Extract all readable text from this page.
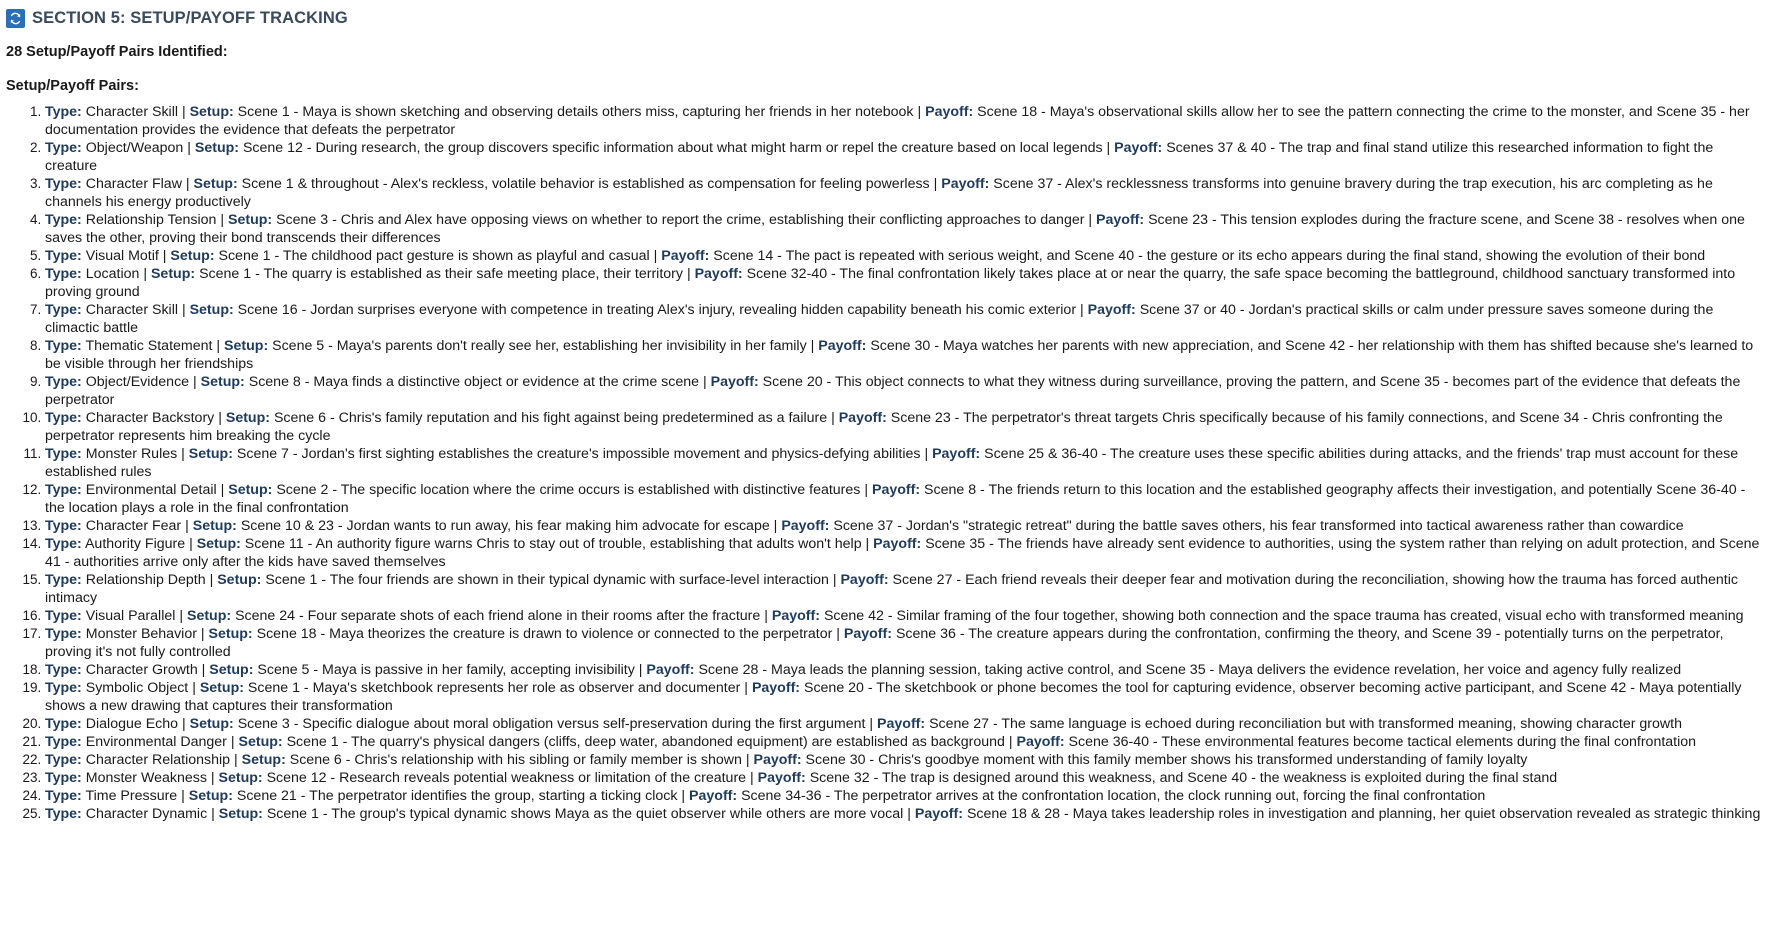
SECTION 5: SETUP/PAYOFF TRACKING
28 Setup/Payoff Pairs Identified:
Setup/Payoff Pairs:
1. Type: Character Skill | Setup: Scene 1 - Maya is shown sketching and observing details others miss, capturing her friends in her notebook | Payoff: Scene 18 - Maya's observational skills allow her to see the pattern connecting the crime to the monster, and Scene 35 - her documentation provides the evidence that defeats the perpetrator
2. Type: Object/Weapon | Setup: Scene 12 - During research, the group discovers specific information about what might harm or repel the creature based on local legends | Payoff: Scenes 37 & 40 - The trap and final stand utilize this researched information to fight the creature
3. Type: Character Flaw | Setup: Scene 1 & throughout - Alex's reckless, volatile behavior is established as compensation for feeling powerless | Payoff: Scene 37 - Alex's recklessness transforms into genuine bravery during the trap execution, his arc completing as he channels his energy productively
4. Type: Relationship Tension | Setup: Scene 3 - Chris and Alex have opposing views on whether to report the crime, establishing their conflicting approaches to danger | Payoff: Scene 23 - This tension explodes during the fracture scene, and Scene 38 - resolves when one saves the other, proving their bond transcends their differences
5. Type: Visual Motif | Setup: Scene 1 - The childhood pact gesture is shown as playful and casual | Payoff: Scene 14 - The pact is repeated with serious weight, and Scene 40 - the gesture or its echo appears during the final stand, showing the evolution of their bond
6. Type: Location | Setup: Scene 1 - The quarry is established as their safe meeting place, their territory | Payoff: Scene 32-40 - The final confrontation likely takes place at or near the quarry, the safe space becoming the battleground, childhood sanctuary transformed into proving ground
7. Type: Character Skill | Setup: Scene 16 - Jordan surprises everyone with competence in treating Alex's injury, revealing hidden capability beneath his comic exterior | Payoff: Scene 37 or 40 - Jordan's practical skills or calm under pressure saves someone during the climactic battle
8. Type: Thematic Statement | Setup: Scene 5 - Maya's parents don't really see her, establishing her invisibility in her family | Payoff: Scene 30 - Maya watches her parents with new appreciation, and Scene 42 - her relationship with them has shifted because she's learned to be visible through her friendships
9. Type: Object/Evidence | Setup: Scene 8 - Maya finds a distinctive object or evidence at the crime scene | Payoff: Scene 20 - This object connects to what they witness during surveillance, proving the pattern, and Scene 35 - becomes part of the evidence that defeats the perpetrator
10. Type: Character Backstory | Setup: Scene 6 - Chris's family reputation and his fight against being predetermined as a failure | Payoff: Scene 23 - The perpetrator's threat targets Chris specifically because of his family connections, and Scene 34 - Chris confronting the perpetrator represents him breaking the cycle
11. Type: Monster Rules | Setup: Scene 7 - Jordan's first sighting establishes the creature's impossible movement and physics-defying abilities | Payoff: Scene 25 & 36-40 - The creature uses these specific abilities during attacks, and the friends' trap must account for these established rules
12. Type: Environmental Detail | Setup: Scene 2 - The specific location where the crime occurs is established with distinctive features | Payoff: Scene 8 - The friends return to this location and the established geography affects their investigation, and potentially Scene 36-40 - the location plays a role in the final confrontation
13. Type: Character Fear | Setup: Scene 10 & 23 - Jordan wants to run away, his fear making him advocate for escape | Payoff: Scene 37 - Jordan's "strategic retreat" during the battle saves others, his fear transformed into tactical awareness rather than cowardice
14. Type: Authority Figure | Setup: Scene 11 - An authority figure warns Chris to stay out of trouble, establishing that adults won't help | Payoff: Scene 35 - The friends have already sent evidence to authorities, using the system rather than relying on adult protection, and Scene 41 - authorities arrive only after the kids have saved themselves
15. Type: Relationship Depth | Setup: Scene 1 - The four friends are shown in their typical dynamic with surface-level interaction | Payoff: Scene 27 - Each friend reveals their deeper fear and motivation during the reconciliation, showing how the trauma has forced authentic intimacy
16. Type: Visual Parallel | Setup: Scene 24 - Four separate shots of each friend alone in their rooms after the fracture | Payoff: Scene 42 - Similar framing of the four together, showing both connection and the space trauma has created, visual echo with transformed meaning
17. Type: Monster Behavior | Setup: Scene 18 - Maya theorizes the creature is drawn to violence or connected to the perpetrator | Payoff: Scene 36 - The creature appears during the confrontation, confirming the theory, and Scene 39 - potentially turns on the perpetrator, proving it's not fully controlled
18. Type: Character Growth | Setup: Scene 5 - Maya is passive in her family, accepting invisibility | Payoff: Scene 28 - Maya leads the planning session, taking active control, and Scene 35 - Maya delivers the evidence revelation, her voice and agency fully realized
19. Type: Symbolic Object | Setup: Scene 1 - Maya's sketchbook represents her role as observer and documenter | Payoff: Scene 20 - The sketchbook or phone becomes the tool for capturing evidence, observer becoming active participant, and Scene 42 - Maya potentially shows a new drawing that captures their transformation
20. Type: Dialogue Echo | Setup: Scene 3 - Specific dialogue about moral obligation versus self-preservation during the first argument | Payoff: Scene 27 - The same language is echoed during reconciliation but with transformed meaning, showing character growth
21. Type: Environmental Danger | Setup: Scene 1 - The quarry's physical dangers (cliffs, deep water, abandoned equipment) are established as background | Payoff: Scene 36-40 - These environmental features become tactical elements during the final confrontation
22. Type: Character Relationship | Setup: Scene 6 - Chris's relationship with his sibling or family member is shown | Payoff: Scene 30 - Chris's goodbye moment with this family member shows his transformed understanding of family loyalty
23. Type: Monster Weakness | Setup: Scene 12 - Research reveals potential weakness or limitation of the creature | Payoff: Scene 32 - The trap is designed around this weakness, and Scene 40 - the weakness is exploited during the final stand
24. Type: Time Pressure | Setup: Scene 21 - The perpetrator identifies the group, starting a ticking clock | Payoff: Scene 34-36 - The perpetrator arrives at the confrontation location, the clock running out, forcing the final confrontation
25. Type: Character Dynamic | Setup: Scene 1 - The group's typical dynamic shows Maya as the quiet observer while others are more vocal | Payoff: Scene 18 & 28 - Maya takes leadership roles in investigation and planning, her quiet observation revealed as strategic thinking
